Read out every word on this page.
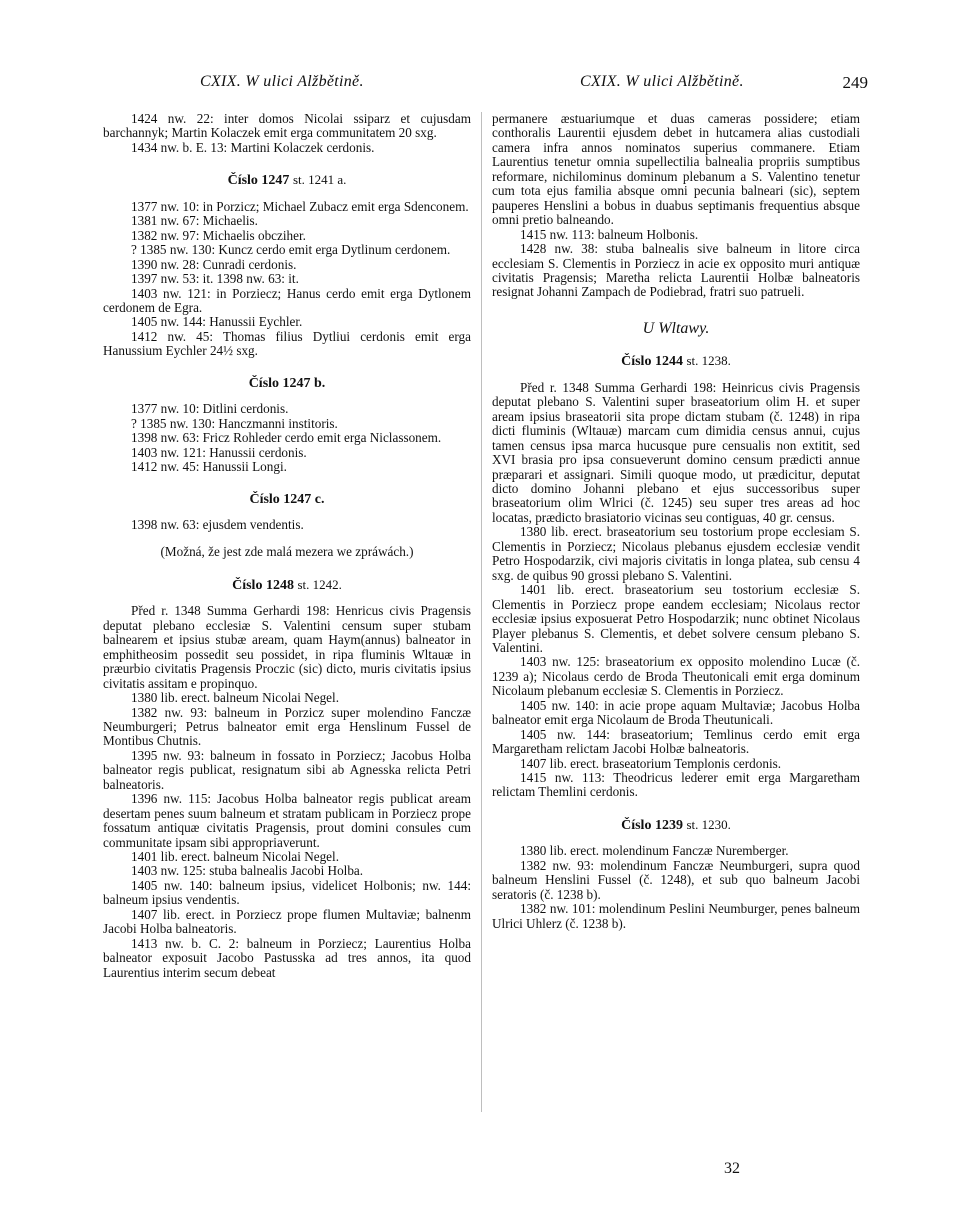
CXIX. W ulici Alžbětině.	CXIX. W ulici Alžbětině.	249

1424 nw. 22: inter domos Nicolai ssiparz et cujusdam barchannyk; Martin Kolaczek emit erga communitatem 20 sxg.

1434 nw. b. E. 13: Martini Kolaczek cerdonis.

Číslo 1247 st. 1241 a.

1377 nw. 10: in Porzicz; Michael Zubacz emit erga Sdenconem.

1381 nw. 67: Michaelis.

1382 nw. 97: Michaelis obcziher.

? 1385 nw. 130: Kuncz cerdo emit erga Dytlinum cerdonem.

1390 nw. 28: Cunradi cerdonis.

1397 nw. 53: it. 1398 nw. 63: it.

1403 nw. 121: in Porziecz; Hanus cerdo emit erga Dytlonem cerdonem de Egra.

1405 nw. 144: Hanussii Eychler.

1412 nw. 45: Thomas filius Dytliui cerdonis emit erga Hanussium Eychler 24½ sxg.

Číslo 1247 b.

1377 nw. 10: Ditlini cerdonis.

? 1385 nw. 130: Hanczmanni institoris.

1398 nw. 63: Fricz Rohleder cerdo emit erga Niclassonem.

1403 nw. 121: Hanussii cerdonis.

1412 nw. 45: Hanussii Longi.

Číslo 1247 c.

1398 nw. 63: ejusdem vendentis.

(Možná, že jest zde malá mezera we zpráwách.)

Číslo 1248 st. 1242.

Před r. 1348 Summa Gerhardi 198: Henricus civis Pragensis deputat plebano ecclesiæ S. Valentini censum super stubam balnearem et ipsius stubæ aream, quam Haym(annus) balneator in emphitheosim possedit seu possidet, in ripa fluminis Wltauæ in præurbio civitatis Pragensis Proczic (sic) dicto, muris civitatis ipsius civitatis assitam e propinquo.

1380 lib. erect. balneum Nicolai Negel.

1382 nw. 93: balneum in Porzicz super molendino Fanczæ Neumburgeri; Petrus balneator emit erga Henslinum Fussel de Montibus Chutnis.

1395 nw. 93: balneum in fossato in Porziecz; Jacobus Holba balneator regis publicat, resignatum sibi ab Agnesska relicta Petri balneatoris.

1396 nw. 115: Jacobus Holba balneator regis publicat aream desertam penes suum balneum et stratam publicam in Porziecz prope fossatum antiquæ civitatis Pragensis, prout domini consules cum communitate ipsam sibi appropriaverunt.

1401 lib. erect. balneum Nicolai Negel.

1403 nw. 125: stuba balnealis Jacobi Holba.

1405 nw. 140: balneum ipsius, videlicet Holbonis; nw. 144: balneum ipsius vendentis.

1407 lib. erect. in Porziecz prope flumen Multaviæ; balnenm Jacobi Holba balneatoris.

1413 nw. b. C. 2: balneum in Porziecz; Laurentius Holba balneator exposuit Jacobo Pastusska ad tres annos, ita quod Laurentius interim secum debeat

permanere æstuariumque et duas cameras possidere; etiam conthoralis Laurentii ejusdem debet in hutcamera alias custodiali camera infra annos nominatos superius commanere. Etiam Laurentius tenetur omnia supellectilia balnealia propriis sumptibus reformare, nichilominus dominum plebanum a S. Valentino tenetur cum tota ejus familia absque omni pecunia balneari (sic), septem pauperes Henslini a bobus in duabus septimanis frequentius absque omni pretio balneando.

1415 nw. 113: balneum Holbonis.

1428 nw. 38: stuba balnealis sive balneum in litore circa ecclesiam S. Clementis in Porziecz in acie ex opposito muri antiquæ civitatis Pragensis; Maretha relicta Laurentii Holbæ balneatoris resignat Johanni Zampach de Podiebrad, fratri suo patrueli.

U Wltawy.
Číslo 1244 st. 1238.

Před r. 1348 Summa Gerhardi 198: Heinricus civis Pragensis deputat plebano S. Valentini super braseatorium olim H. et super aream ipsius braseatorii sita prope dictam stubam (č. 1248) in ripa dicti fluminis (Wltauæ) marcam cum dimidia census annui, cujus tamen census ipsa marca hucusque pure censualis non extitit, sed XVI brasia pro ipsa consueverunt domino censum prædicti annue præparari et assignari. Simili quoque modo, ut prædicitur, deputat dicto domino Johanni plebano et ejus successoribus super braseatorium olim Wlrici (č. 1245) seu super tres areas ad hoc locatas, prædicto brasiatorio vicinas seu contiguas, 40 gr. census.

1380 lib. erect. braseatorium seu tostorium prope ecclesiam S. Clementis in Porziecz; Nicolaus plebanus ejusdem ecclesiæ vendit Petro Hospodarzik, civi majoris civitatis in longa platea, sub censu 4 sxg. de quibus 90 grossi plebano S. Valentini.

1401 lib. erect. braseatorium seu tostorium ecclesiæ S. Clementis in Porziecz prope eandem ecclesiam; Nicolaus rector ecclesiæ ipsius exposuerat Petro Hospodarzik; nunc obtinet Nicolaus Player plebanus S. Clementis, et debet solvere censum plebano S. Valentini.

1403 nw. 125: braseatorium ex opposito molendino Lucæ (č. 1239 a); Nicolaus cerdo de Broda Theutonicali emit erga dominum Nicolaum plebanum ecclesiæ S. Clementis in Porziecz.

1405 nw. 140: in acie prope aquam Multaviæ; Jacobus Holba balneator emit erga Nicolaum de Broda Theutunicali.

1405 nw. 144: braseatorium; Temlinus cerdo emit erga Margaretham relictam Jacobi Holbæ balneatoris.

1407 lib. erect. braseatorium Templonis cerdonis.

1415 nw. 113: Theodricus lederer emit erga Margaretham relictam Themlini cerdonis.

Číslo 1239 st. 1230.

1380 lib. erect. molendinum Fanczæ Nuremberger.

1382 nw. 93: molendinum Fanczæ Neumburgeri, supra quod balneum Henslini Fussel (č. 1248), et sub quo balneum Jacobi seratoris (č. 1238 b).

1382 nw. 101: molendinum Peslini Neumburger, penes balneum Ulrici Uhlerz (č. 1238 b).

32
